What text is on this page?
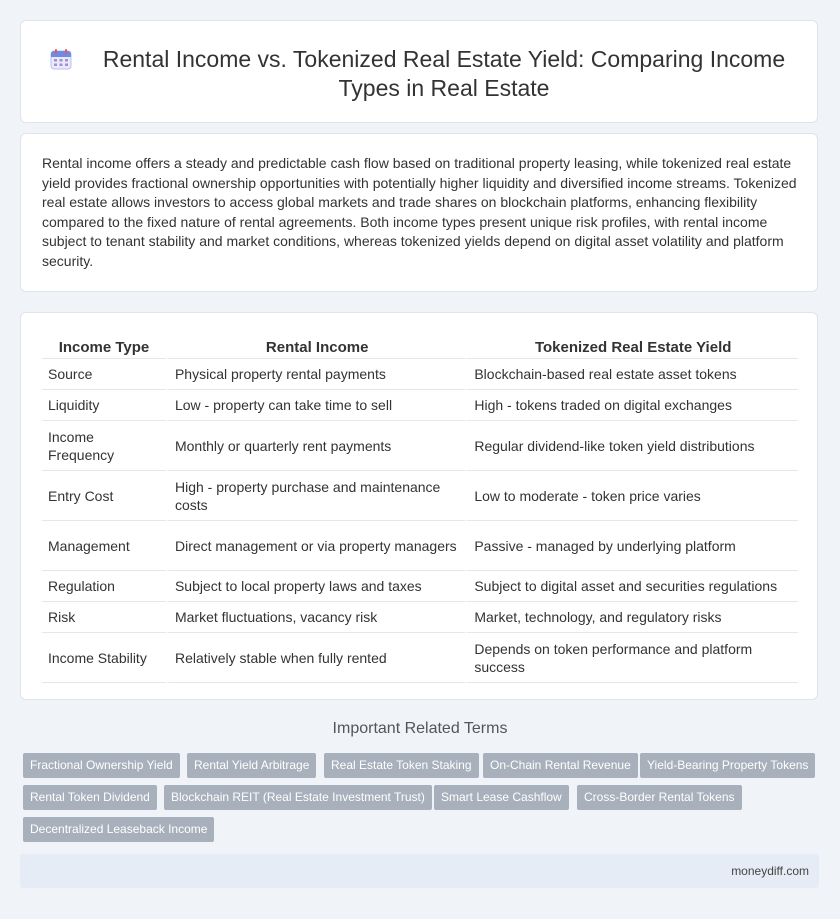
Rental Income vs. Tokenized Real Estate Yield: Comparing Income Types in Real Estate
Rental income offers a steady and predictable cash flow based on traditional property leasing, while tokenized real estate yield provides fractional ownership opportunities with potentially higher liquidity and diversified income streams. Tokenized real estate allows investors to access global markets and trade shares on blockchain platforms, enhancing flexibility compared to the fixed nature of rental agreements. Both income types present unique risk profiles, with rental income subject to tenant stability and market conditions, whereas tokenized yields depend on digital asset volatility and platform security.
Income Type	Rental Income	Tokenized Real Estate Yield
Source	Physical property rental payments	Blockchain-based real estate asset tokens
Liquidity	Low - property can take time to sell	High - tokens traded on digital exchanges
Income Frequency	Monthly or quarterly rent payments	Regular dividend-like token yield distributions
Entry Cost	High - property purchase and maintenance costs	Low to moderate - token price varies
Management	Direct management or via property managers	Passive - managed by underlying platform
Regulation	Subject to local property laws and taxes	Subject to digital asset and securities regulations
Risk	Market fluctuations, vacancy risk	Market, technology, and regulatory risks
Income Stability	Relatively stable when fully rented	Depends on token performance and platform success
Important Related Terms
Fractional Ownership Yield	Rental Yield Arbitrage	Real Estate Token Staking	On-Chain Rental Revenue	Yield-Bearing Property Tokens
Rental Token Dividend	Blockchain REIT (Real Estate Investment Trust)	Smart Lease Cashflow	Cross-Border Rental Tokens
Decentralized Leaseback Income
moneydiff.com
